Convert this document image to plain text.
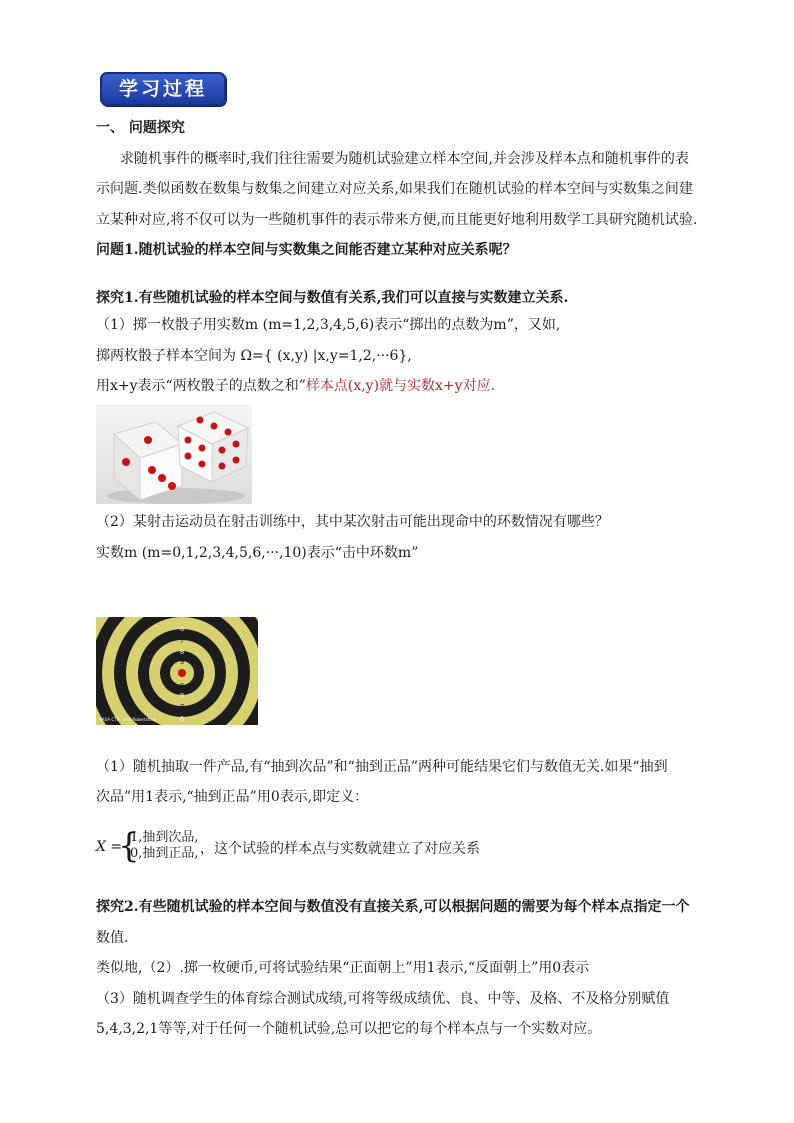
学习过程
一、 问题探究
求随机事件的概率时,我们往往需要为随机试验建立样本空间,并会涉及样本点和随机事件的表
示问题.类似函数在数集与数集之间建立对应关系,如果我们在随机试验的样本空间与实数集之间建
立某种对应,将不仅可以为一些随机事件的表示带来方便,而且能更好地利用数学工具研究随机试验.
问题1.随机试验的样本空间与实数集之间能否建立某种对应关系呢？
探究1.有些随机试验的样本空间与数值有关系,我们可以直接与实数建立关系.
（1）掷一枚骰子用实数m (m=1,2,3,4,5,6)表示“掷出的点数为m”，又如,
掷两枚骰子样本空间为 Ω={ (x,y) |x,y=1,2,···6},
用x+y表示“两枚骰子的点数之和”样本点(x,y)就与实数x+y对应.
（2）某射击运动员在射击训练中，其中某次射击可能出现命中的环数情况有哪些？
实数m (m=0,1,2,3,4,5,6,···,10)表示“击中环数m”
6
7
8
9
9
8
7
6
NASA CTP · Julia Robertshaw
（1）随机抽取一件产品,有“抽到次品”和“抽到正品”两种可能结果它们与数值无关.如果“抽到
次品”用1表示,“抽到正品”用0表示,即定义：
X =
{
1,抽到次品,
0,抽到正品, ，这个试验的样本点与实数就建立了对应关系
探究2.有些随机试验的样本空间与数值没有直接关系,可以根据问题的需要为每个样本点指定一个
数值.
类似地,（2）.掷一枚硬币,可将试验结果“正面朝上”用1表示,“反面朝上”用0表示
（3）随机调查学生的体育综合测试成绩,可将等级成绩优、良、中等、及格、不及格分别赋值
5,4,3,2,1等等,对于任何一个随机试验,总可以把它的每个样本点与一个实数对应。
